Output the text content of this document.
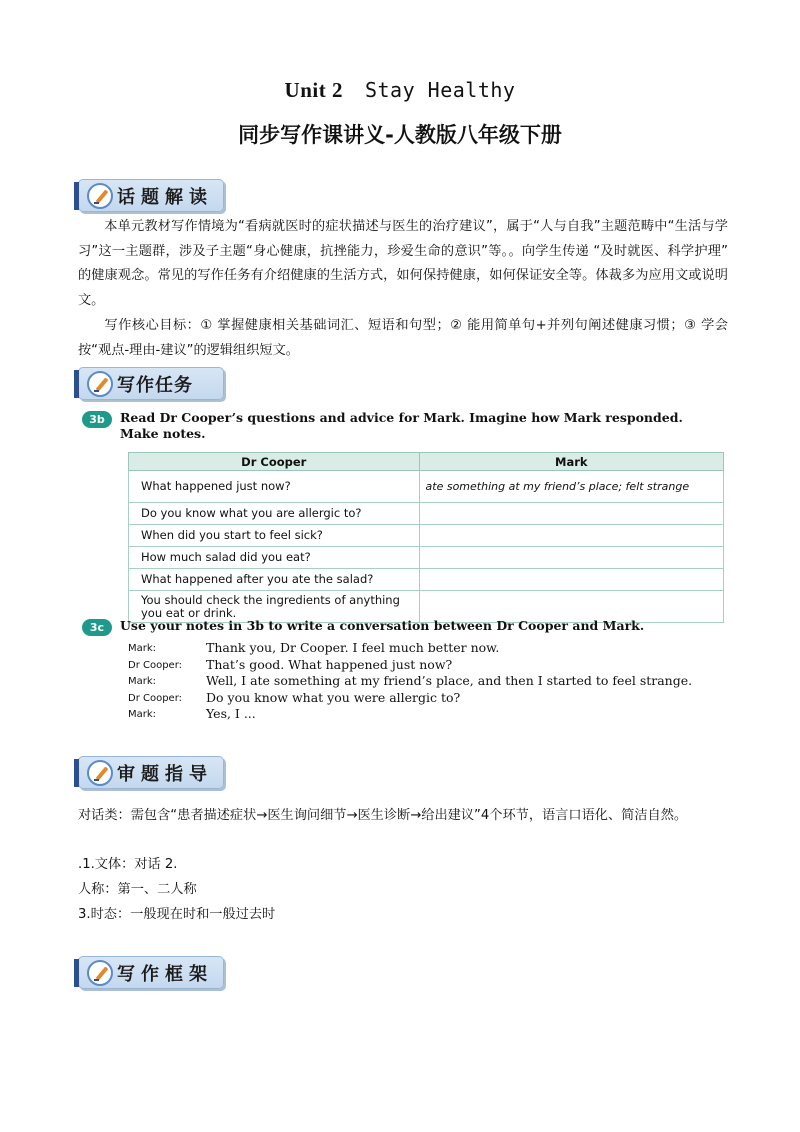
Unit 2 Stay Healthy
同步写作课讲义-人教版八年级下册
话题解读
本单元教材写作情境为“看病就医时的症状描述与医生的治疗建议”，属于“人与自我”主题范畴中“生活与学习”这一主题群，涉及子主题“身心健康，抗挫能力，珍爱生命的意识”等。。向学生传递 “及时就医、科学护理” 的健康观念。常见的写作任务有介绍健康的生活方式，如何保持健康，如何保证安全等。体裁多为应用文或说明文。
写作核心目标：① 掌握健康相关基础词汇、短语和句型；② 能用简单句+并列句阐述健康习惯；③ 学会按“观点-理由-建议”的逻辑组织短文。
写作任务
3b	Read Dr Cooper’s questions and advice for Mark. Imagine how Mark responded. Make notes.
Dr Cooper	Mark
What happened just now?	ate something at my friend’s place; felt strange
Do you know what you are allergic to?	
When did you start to feel sick?	
How much salad did you eat?	
What happened after you ate the salad?	
You should check the ingredients of anything you eat or drink.	
3c	Use your notes in 3b to write a conversation between Dr Cooper and Mark.
Mark:	Thank you, Dr Cooper. I feel much better now.
Dr Cooper:	That’s good. What happened just now?
Mark:	Well, I ate something at my friend’s place, and then I started to feel strange.
Dr Cooper:	Do you know what you were allergic to?
Mark:	Yes, I ...
审题指导
对话类：需包含“患者描述症状→医生询问细节→医生诊断→给出建议”4个环节，语言口语化、简洁自然。
.1.文体：对话 2.
人称：第一、二人称
3.时态：一般现在时和一般过去时
写作框架
